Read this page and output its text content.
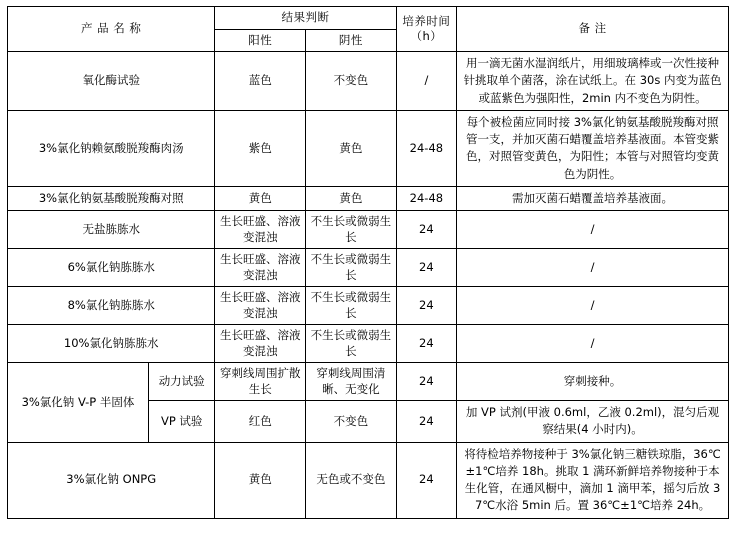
产 品 名 称		结果判断		培养时间（h）	备 注
		阳性	阴性		
氧化酶试验		蓝色	不变色	/	用一滴无菌水湿润纸片，用细玻璃棒或一次性接种针挑取单个菌落，涂在试纸上。在 30s 内变为蓝色或蓝紫色为强阳性，2min 内不变色为阴性。
3%氯化钠赖氨酸脱羧酶肉汤		紫色	黄色	24-48	每个被检菌应同时接 3%氯化钠氨基酸脱羧酶对照管一支，并加灭菌石蜡覆盖培养基液面。本管变紫色，对照管变黄色，为阳性；本管与对照管均变黄色为阴性。
3%氯化钠氨基酸脱羧酶对照		黄色	黄色	24-48	需加灭菌石蜡覆盖培养基液面。
无盐胨胨水		生长旺盛、溶液变混浊	不生长或微弱生长	24	/
6%氯化钠胨胨水		生长旺盛、溶液变混浊	不生长或微弱生长	24	/
8%氯化钠胨胨水		生长旺盛、溶液变混浊	不生长或微弱生长	24	/
10%氯化钠胨胨水		生长旺盛、溶液变混浊	不生长或微弱生长	24	/
3%氯化钠 V-P 半固体	动力试验	穿刺线周围扩散生长	穿刺线周围清晰、无变化	24	穿刺接种。
	VP 试验	红色	不变色	24	加 VP 试剂(甲液 0.6ml，乙液 0.2ml)，混匀后观察结果(4 小时内)。
3%氯化钠 ONPG		黄色	无色或不变色	24	将待检培养物接种于 3%氯化钠三糖铁琼脂，36℃±1℃培养 18h。挑取 1 满环新鲜培养物接种于本生化管，在通风橱中，滴加 1 滴甲苯，摇匀后放 37℃水浴 5min 后。置 36℃±1℃培养 24h。
